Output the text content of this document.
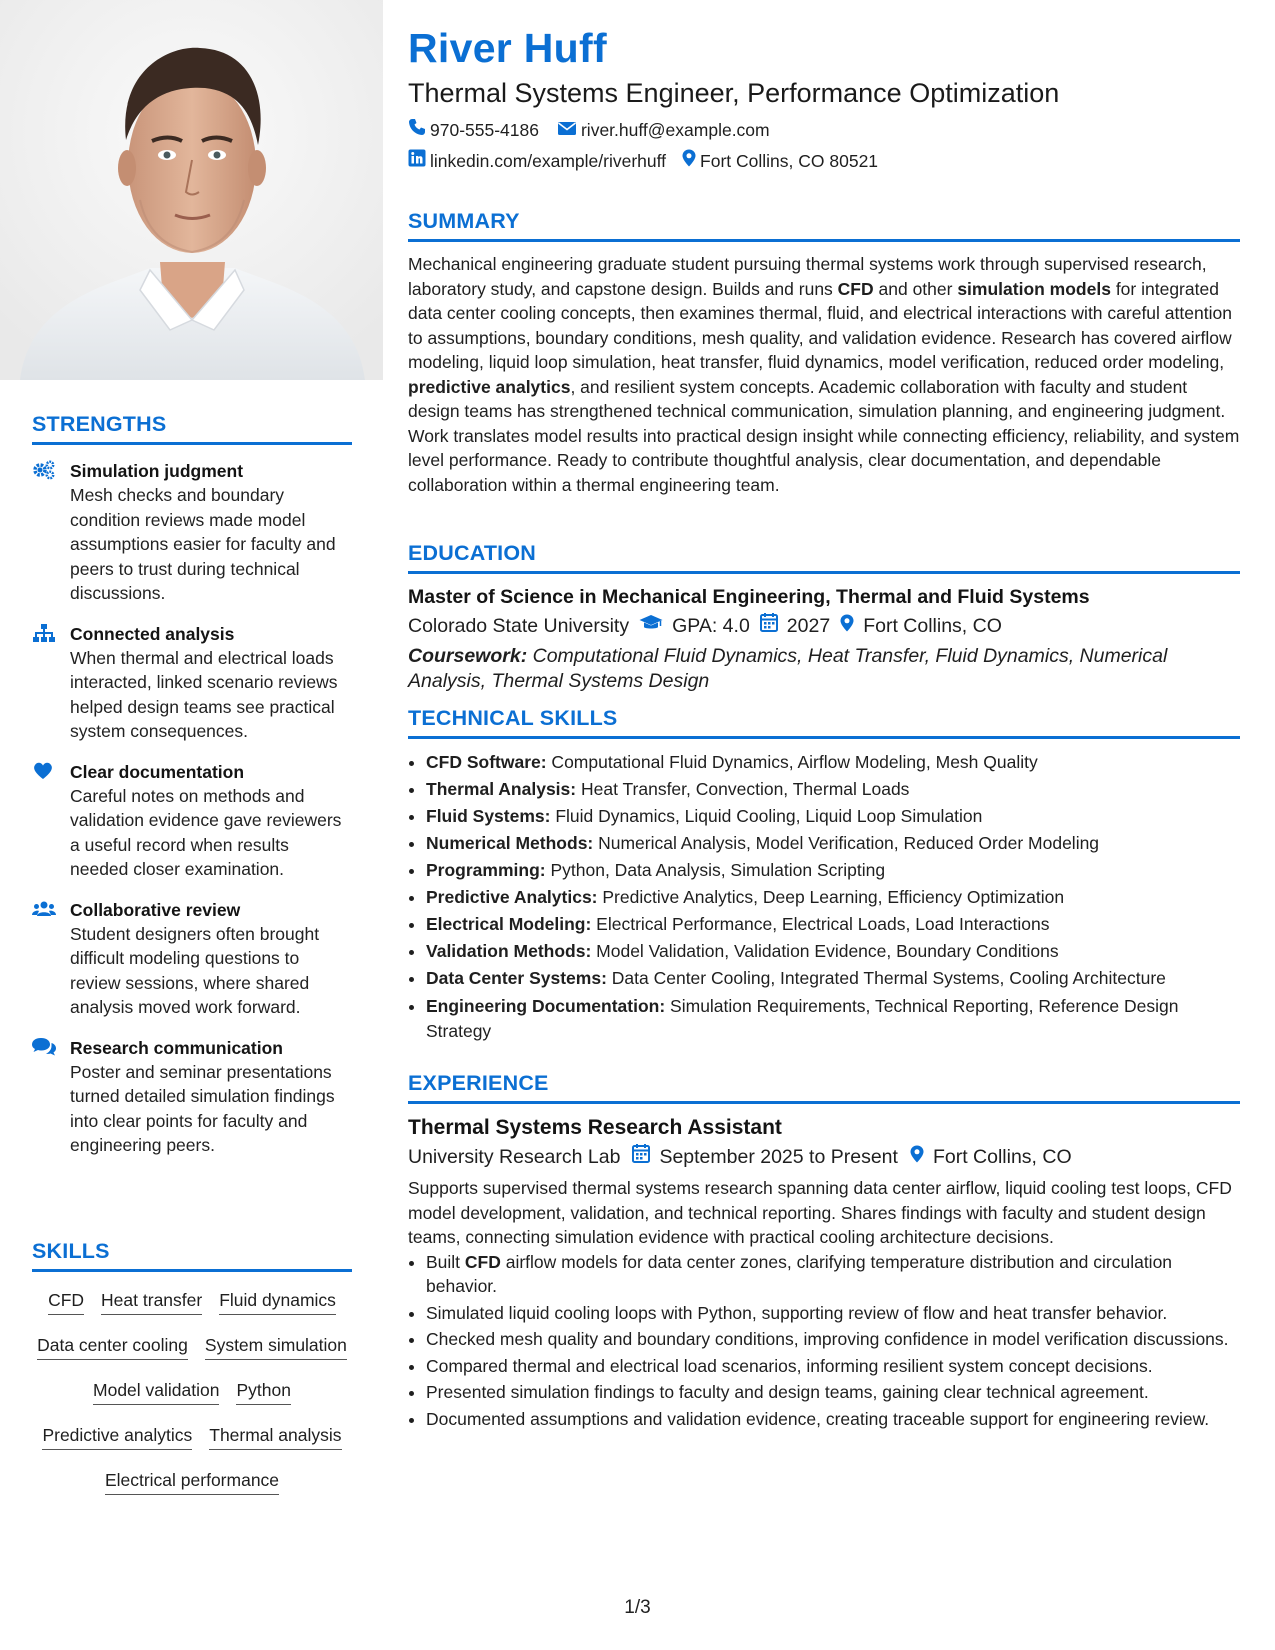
STRENGTHS
Simulation judgment
Mesh checks and boundary condition reviews made model assumptions easier for faculty and peers to trust during technical discussions.
Connected analysis
When thermal and electrical loads interacted, linked scenario reviews helped design teams see practical system consequences.
Clear documentation
Careful notes on methods and validation evidence gave reviewers a useful record when results needed closer examination.
Collaborative review
Student designers often brought difficult modeling questions to review sessions, where shared analysis moved work forward.
Research communication
Poster and seminar presentations turned detailed simulation findings into clear points for faculty and engineering peers.
SKILLS
CFD Heat transfer Fluid dynamics
Data center cooling System simulation
Model validation Python
Predictive analytics Thermal analysis
Electrical performance
River Huff
Thermal Systems Engineer, Performance Optimization
970-555-4186 river.huff@example.com
linkedin.com/example/riverhuff Fort Collins, CO 80521
SUMMARY
Mechanical engineering graduate student pursuing thermal systems work through supervised research, laboratory study, and capstone design. Builds and runs CFD and other simulation models for integrated data center cooling concepts, then examines thermal, fluid, and electrical interactions with careful attention to assumptions, boundary conditions, mesh quality, and validation evidence. Research has covered airflow modeling, liquid loop simulation, heat transfer, fluid dynamics, model verification, reduced order modeling, predictive analytics, and resilient system concepts. Academic collaboration with faculty and student design teams has strengthened technical communication, simulation planning, and engineering judgment. Work translates model results into practical design insight while connecting efficiency, reliability, and system level performance. Ready to contribute thoughtful analysis, clear documentation, and dependable collaboration within a thermal engineering team.
EDUCATION
Master of Science in Mechanical Engineering, Thermal and Fluid Systems
Colorado State University GPA: 4.0 2027 Fort Collins, CO
Coursework: Computational Fluid Dynamics, Heat Transfer, Fluid Dynamics, Numerical Analysis, Thermal Systems Design
TECHNICAL SKILLS
• CFD Software: Computational Fluid Dynamics, Airflow Modeling, Mesh Quality
• Thermal Analysis: Heat Transfer, Convection, Thermal Loads
• Fluid Systems: Fluid Dynamics, Liquid Cooling, Liquid Loop Simulation
• Numerical Methods: Numerical Analysis, Model Verification, Reduced Order Modeling
• Programming: Python, Data Analysis, Simulation Scripting
• Predictive Analytics: Predictive Analytics, Deep Learning, Efficiency Optimization
• Electrical Modeling: Electrical Performance, Electrical Loads, Load Interactions
• Validation Methods: Model Validation, Validation Evidence, Boundary Conditions
• Data Center Systems: Data Center Cooling, Integrated Thermal Systems, Cooling Architecture
• Engineering Documentation: Simulation Requirements, Technical Reporting, Reference Design Strategy
EXPERIENCE
Thermal Systems Research Assistant
University Research Lab September 2025 to Present Fort Collins, CO
Supports supervised thermal systems research spanning data center airflow, liquid cooling test loops, CFD model development, validation, and technical reporting. Shares findings with faculty and student design teams, connecting simulation evidence with practical cooling architecture decisions.
• Built CFD airflow models for data center zones, clarifying temperature distribution and circulation behavior.
• Simulated liquid cooling loops with Python, supporting review of flow and heat transfer behavior.
• Checked mesh quality and boundary conditions, improving confidence in model verification discussions.
• Compared thermal and electrical load scenarios, informing resilient system concept decisions.
• Presented simulation findings to faculty and design teams, gaining clear technical agreement.
• Documented assumptions and validation evidence, creating traceable support for engineering review.
1/3
